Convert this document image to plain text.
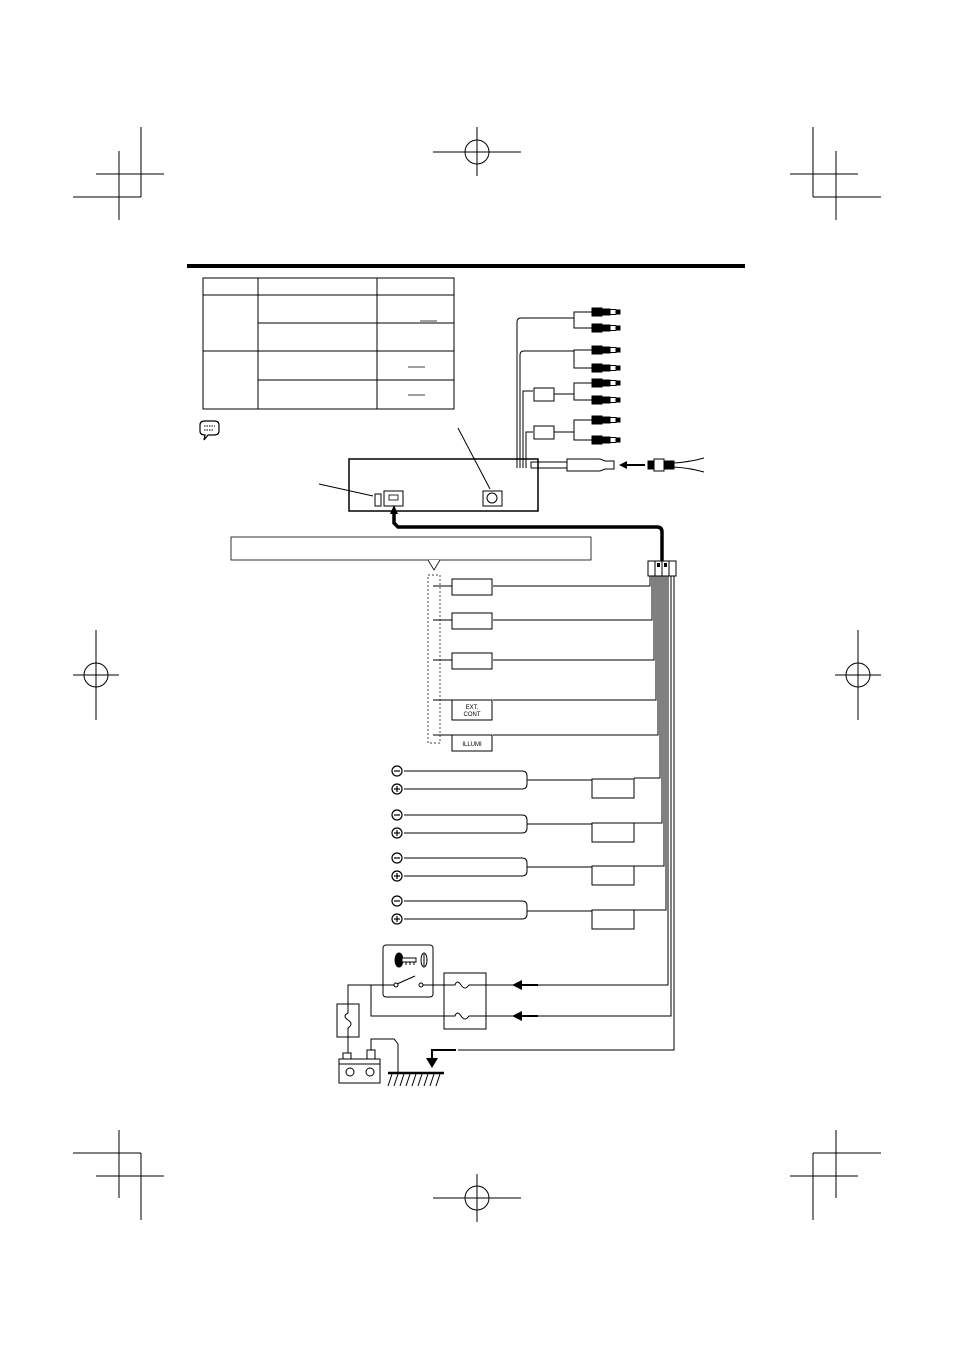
EXT.
CONT
ILLUMI
